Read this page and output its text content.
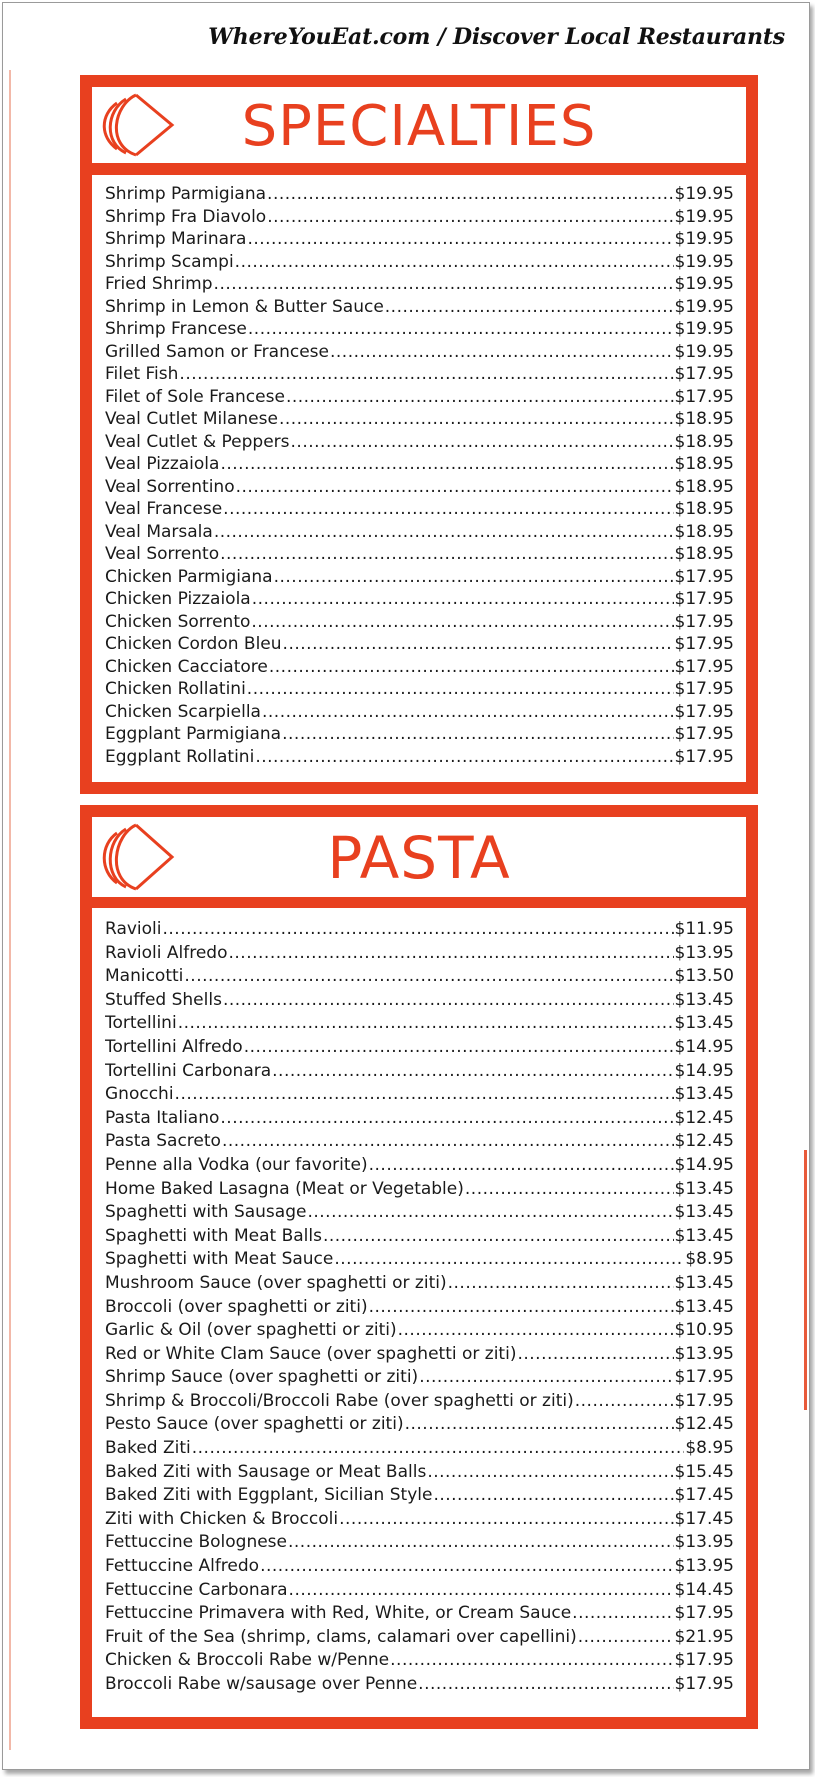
WhereYouEat.com / Discover Local Restaurants
SPECIALTIES
Shrimp Parmigiana .....	$19.95
Shrimp Fra Diavolo .....	$19.95
Shrimp Marinara .....	$19.95
Shrimp Scampi .....	$19.95
Fried Shrimp .....	$19.95
Shrimp in Lemon & Butter Sauce .....	$19.95
Shrimp Francese .....	$19.95
Grilled Samon or Francese .....	$19.95
Filet Fish .....	$17.95
Filet of Sole Francese .....	$17.95
Veal Cutlet Milanese .....	$18.95
Veal Cutlet & Peppers .....	$18.95
Veal Pizzaiola .....	$18.95
Veal Sorrentino .....	$18.95
Veal Francese .....	$18.95
Veal Marsala .....	$18.95
Veal Sorrento .....	$18.95
Chicken Parmigiana .....	$17.95
Chicken Pizzaiola .....	$17.95
Chicken Sorrento .....	$17.95
Chicken Cordon Bleu .....	$17.95
Chicken Cacciatore .....	$17.95
Chicken Rollatini .....	$17.95
Chicken Scarpiella .....	$17.95
Eggplant Parmigiana .....	$17.95
Eggplant Rollatini .....	$17.95
PASTA
Ravioli .....	$11.95
Ravioli Alfredo .....	$13.95
Manicotti .....	$13.50
Stuffed Shells .....	$13.45
Tortellini .....	$13.45
Tortellini Alfredo .....	$14.95
Tortellini Carbonara .....	$14.95
Gnocchi .....	$13.45
Pasta Italiano .....	$12.45
Pasta Sacreto .....	$12.45
Penne alla Vodka (our favorite) .....	$14.95
Home Baked Lasagna (Meat or Vegetable) .....	$13.45
Spaghetti with Sausage .....	$13.45
Spaghetti with Meat Balls .....	$13.45
Spaghetti with Meat Sauce .....	$8.95
Mushroom Sauce (over spaghetti or ziti) .....	$13.45
Broccoli (over spaghetti or ziti) .....	$13.45
Garlic & Oil (over spaghetti or ziti) .....	$10.95
Red or White Clam Sauce (over spaghetti or ziti) .....	$13.95
Shrimp Sauce (over spaghetti or ziti) .....	$17.95
Shrimp & Broccoli/Broccoli Rabe (over spaghetti or ziti) .....	$17.95
Pesto Sauce (over spaghetti or ziti) .....	$12.45
Baked Ziti .....	$8.95
Baked Ziti with Sausage or Meat Balls .....	$15.45
Baked Ziti with Eggplant, Sicilian Style .....	$17.45
Ziti with Chicken & Broccoli .....	$17.45
Fettuccine Bolognese .....	$13.95
Fettuccine Alfredo .....	$13.95
Fettuccine Carbonara .....	$14.45
Fettuccine Primavera with Red, White, or Cream Sauce .....	$17.95
Fruit of the Sea (shrimp, clams, calamari over capellini) .....	$21.95
Chicken & Broccoli Rabe w/Penne .....	$17.95
Broccoli Rabe w/sausage over Penne .....	$17.95
